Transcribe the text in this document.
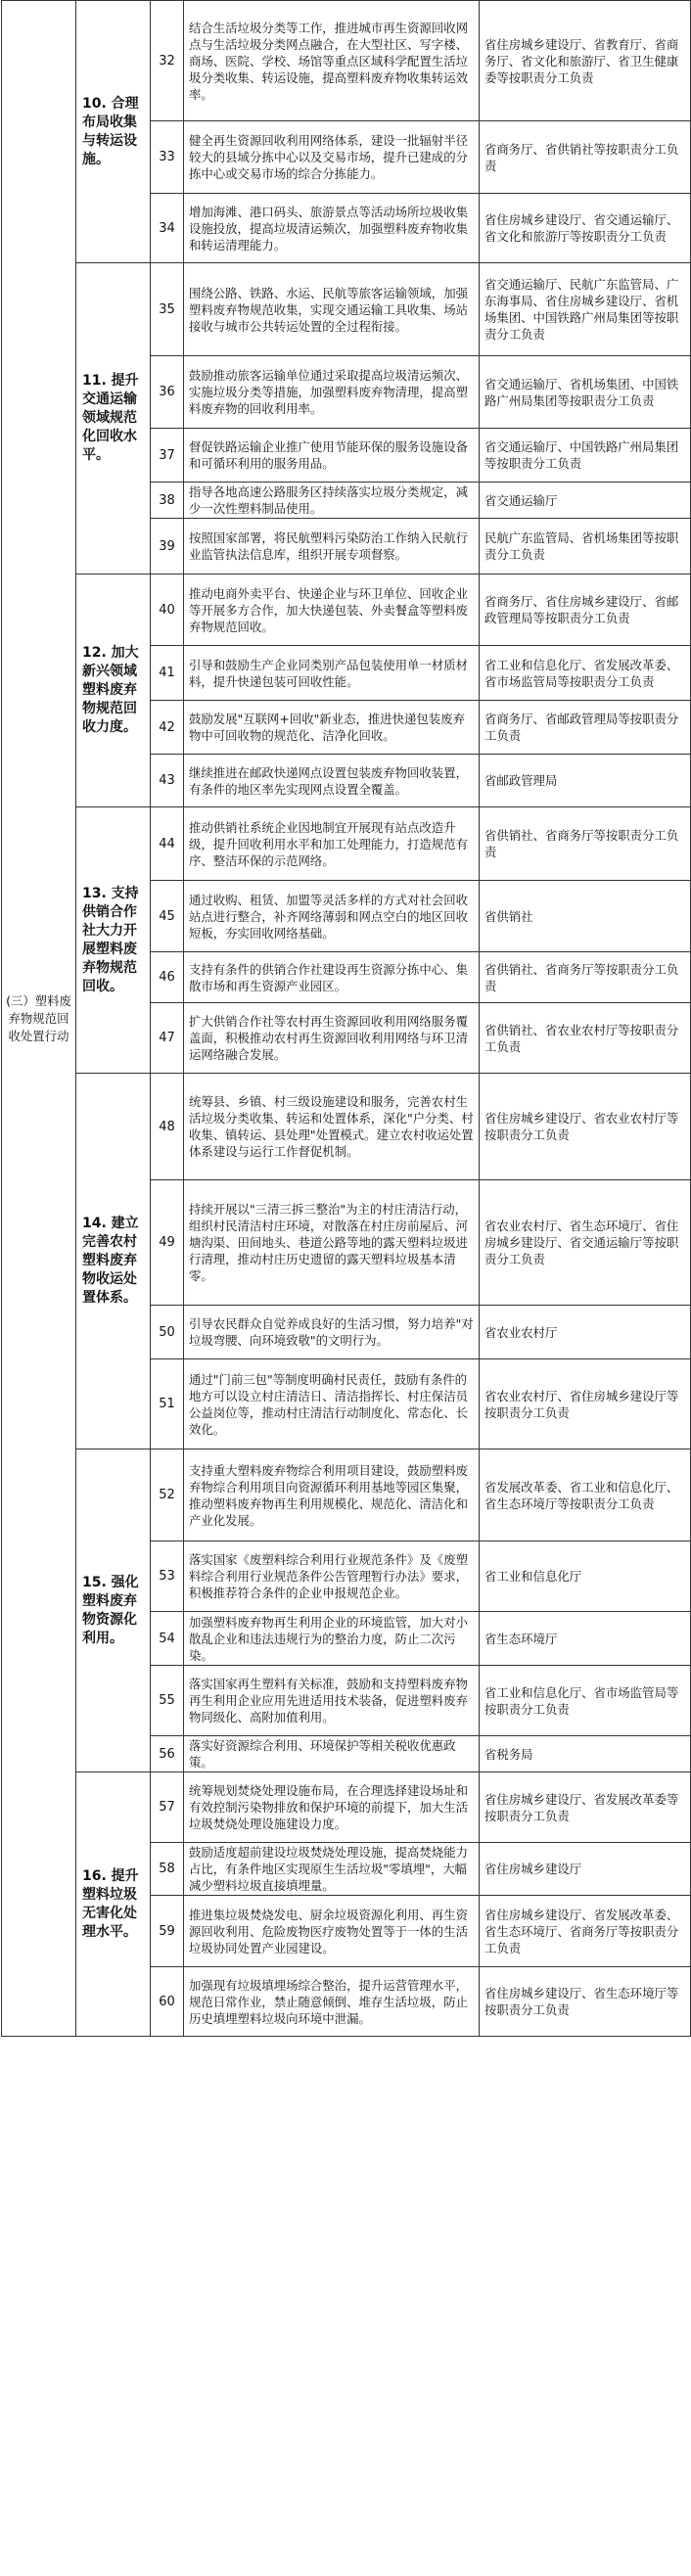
(三）塑料废弃物规范回收处置行动	10. 合理布局收集与转运设施。	32	结合生活垃圾分类等工作，推进城市再生资源回收网点与生活垃圾分类网点融合，在大型社区、写字楼、商场、医院、学校、场馆等重点区域科学配置生活垃圾分类收集、转运设施，提高塑料废弃物收集转运效率。	省住房城乡建设厅、省教育厅、省商务厅、省文化和旅游厅、省卫生健康委等按职责分工负责
		33	健全再生资源回收利用网络体系，建设一批辐射半径较大的县域分拣中心以及交易市场，提升已建成的分拣中心或交易市场的综合分拣能力。	省商务厅、省供销社等按职责分工负责
		34	增加海滩、港口码头、旅游景点等活动场所垃圾收集设施投放，提高垃圾清运频次，加强塑料废弃物收集和转运清理能力。	省住房城乡建设厅、省交通运输厅、省文化和旅游厅等按职责分工负责
	11. 提升交通运输领域规范化回收水平。	35	围绕公路、铁路、水运、民航等旅客运输领域，加强塑料废弃物规范收集，实现交通运输工具收集、场站接收与城市公共转运处置的全过程衔接。	省交通运输厅、民航广东监管局、广东海事局、省住房城乡建设厅、省机场集团、中国铁路广州局集团等按职责分工负责
		36	鼓励推动旅客运输单位通过采取提高垃圾清运频次、实施垃圾分类等措施，加强塑料废弃物清理，提高塑料废弃物的回收利用率。	省交通运输厅、省机场集团、中国铁路广州局集团等按职责分工负责
		37	督促铁路运输企业推广使用节能环保的服务设施设备和可循环利用的服务用品。	省交通运输厅、中国铁路广州局集团等按职责分工负责
		38	指导各地高速公路服务区持续落实垃圾分类规定，减少一次性塑料制品使用。	省交通运输厅
		39	按照国家部署，将民航塑料污染防治工作纳入民航行业监管执法信息库，组织开展专项督察。	民航广东监管局、省机场集团等按职责分工负责
	12. 加大新兴领域塑料废弃物规范回收力度。	40	推动电商外卖平台、快递企业与环卫单位、回收企业等开展多方合作，加大快递包装、外卖餐盒等塑料废弃物规范回收。	省商务厅、省住房城乡建设厅、省邮政管理局等按职责分工负责
		41	引导和鼓励生产企业同类别产品包装使用单一材质材料，提升快递包装可回收性能。	省工业和信息化厅、省发展改革委、省市场监管局等按职责分工负责
		42	鼓励发展"互联网+回收"新业态，推进快递包装废弃物中可回收物的规范化、洁净化回收。	省商务厅、省邮政管理局等按职责分工负责
		43	继续推进在邮政快递网点设置包装废弃物回收装置，有条件的地区率先实现网点设置全覆盖。	省邮政管理局
	13. 支持供销合作社大力开展塑料废弃物规范回收。	44	推动供销社系统企业因地制宜开展现有站点改造升级，提升回收利用水平和加工处理能力，打造规范有序、整洁环保的示范网络。	省供销社、省商务厅等按职责分工负责
		45	通过收购、租赁、加盟等灵活多样的方式对社会回收站点进行整合，补齐网络薄弱和网点空白的地区回收短板，夯实回收网络基础。	省供销社
		46	支持有条件的供销合作社建设再生资源分拣中心、集散市场和再生资源产业园区。	省供销社、省商务厅等按职责分工负责
		47	扩大供销合作社等农村再生资源回收利用网络服务覆盖面，积极推动农村再生资源回收利用网络与环卫清运网络融合发展。	省供销社、省农业农村厅等按职责分工负责
	14. 建立完善农村塑料废弃物收运处置体系。	48	统筹县、乡镇、村三级设施建设和服务，完善农村生活垃圾分类收集、转运和处置体系，深化"户分类、村收集、镇转运、县处理"处置模式。建立农村收运处置体系建设与运行工作督促机制。	省住房城乡建设厅、省农业农村厅等按职责分工负责
		49	持续开展以"三清三拆三整治"为主的村庄清洁行动，组织村民清洁村庄环境，对散落在村庄房前屋后、河塘沟渠、田间地头、巷道公路等地的露天塑料垃圾进行清理，推动村庄历史遗留的露天塑料垃圾基本清零。	省农业农村厅、省生态环境厅、省住房城乡建设厅、省交通运输厅等按职责分工负责
		50	引导农民群众自觉养成良好的生活习惯，努力培养"对垃圾弯腰、向环境致敬"的文明行为。	省农业农村厅
		51	通过"门前三包"等制度明确村民责任，鼓励有条件的地方可以设立村庄清洁日、清洁指挥长、村庄保洁员公益岗位等，推动村庄清洁行动制度化、常态化、长效化。	省农业农村厅、省住房城乡建设厅等按职责分工负责
	15. 强化塑料废弃物资源化利用。	52	支持重大塑料废弃物综合利用项目建设，鼓励塑料废弃物综合利用项目向资源循环利用基地等园区集聚，推动塑料废弃物再生利用规模化、规范化、清洁化和产业化发展。	省发展改革委、省工业和信息化厅、省生态环境厅等按职责分工负责
		53	落实国家《废塑料综合利用行业规范条件》及《废塑料综合利用行业规范条件公告管理暂行办法》要求，积极推荐符合条件的企业申报规范企业。	省工业和信息化厅
		54	加强塑料废弃物再生利用企业的环境监管，加大对小散乱企业和违法违规行为的整治力度，防止二次污染。	省生态环境厅
		55	落实国家再生塑料有关标准，鼓励和支持塑料废弃物再生利用企业应用先进适用技术装备，促进塑料废弃物同级化、高附加值利用。	省工业和信息化厅、省市场监管局等按职责分工负责
		56	落实好资源综合利用、环境保护等相关税收优惠政策。	省税务局
	16. 提升塑料垃圾无害化处理水平。	57	统筹规划焚烧处理设施布局，在合理选择建设场址和有效控制污染物排放和保护环境的前提下，加大生活垃圾焚烧处理设施建设力度。	省住房城乡建设厅、省发展改革委等按职责分工负责
		58	鼓励适度超前建设垃圾焚烧处理设施，提高焚烧能力占比，有条件地区实现原生生活垃圾"零填埋"，大幅减少塑料垃圾直接填埋量。	省住房城乡建设厅
		59	推进集垃圾焚烧发电、厨余垃圾资源化利用、再生资源回收利用、危险废物医疗废物处置等于一体的生活垃圾协同处置产业园建设。	省住房城乡建设厅、省发展改革委、省生态环境厅、省商务厅等按职责分工负责
		60	加强现有垃圾填埋场综合整治，提升运营管理水平，规范日常作业，禁止随意倾倒、堆存生活垃圾，防止历史填埋塑料垃圾向环境中泄漏。	省住房城乡建设厅、省生态环境厅等按职责分工负责
